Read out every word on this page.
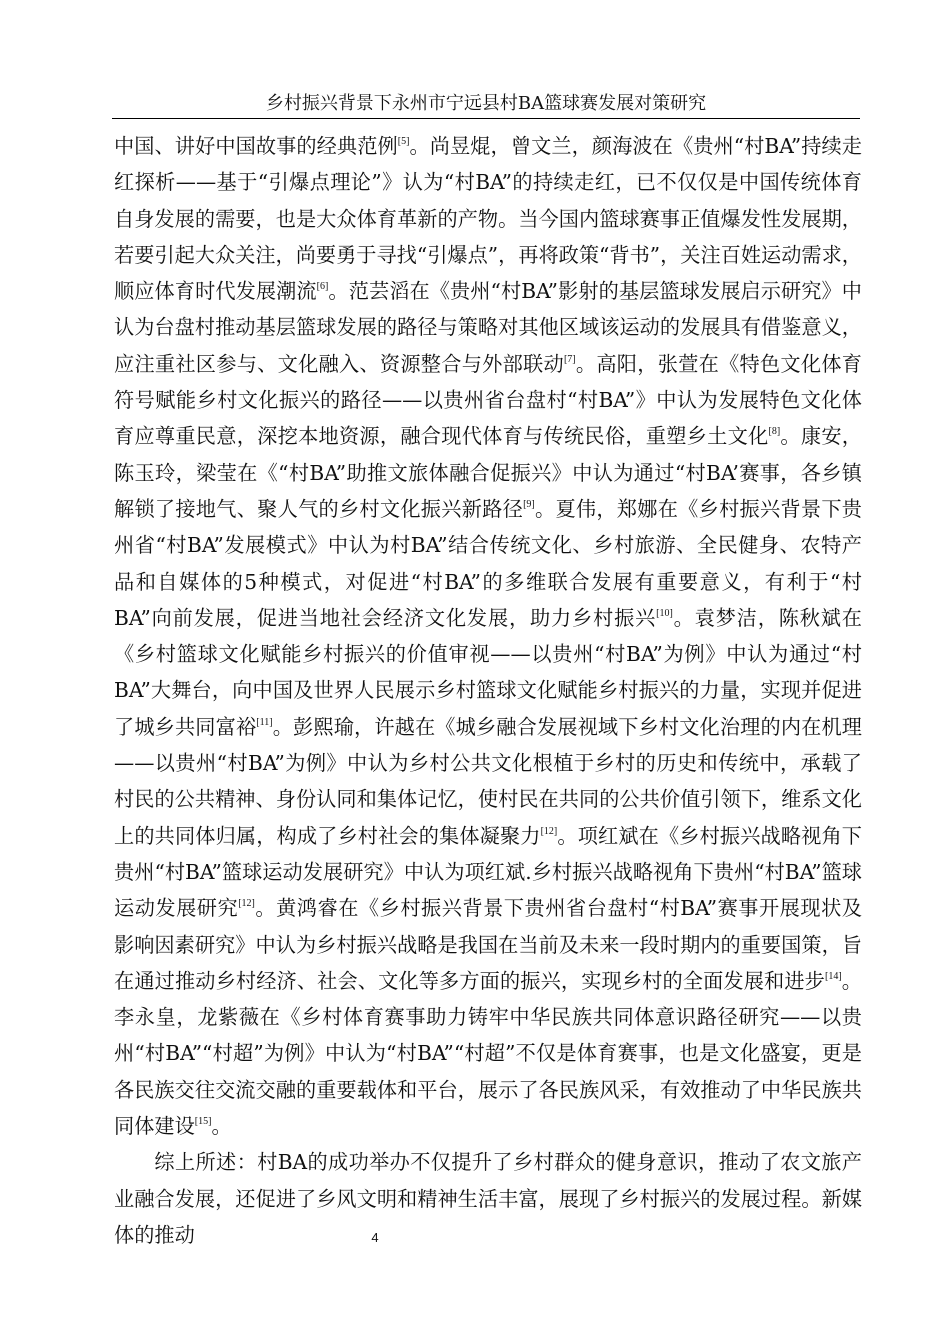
乡村振兴背景下永州市宁远县村BA篮球赛发展对策研究

中国、讲好中国故事的经典范例[5]。尚昱焜，曾文兰，颜海波在《贵州“村BA”持续走红探析——基于“引爆点理论”》认为“村BA”的持续走红，已不仅仅是中国传统体育自身发展的需要，也是大众体育革新的产物。当今国内篮球赛事正值爆发性发展期，若要引起大众关注，尚要勇于寻找“引爆点”，再将政策“背书”，关注百姓运动需求，顺应体育时代发展潮流[6]。范芸滔在《贵州“村BA”影射的基层篮球发展启示研究》中认为台盘村推动基层篮球发展的路径与策略对其他区域该运动的发展具有借鉴意义，应注重社区参与、文化融入、资源整合与外部联动[7]。高阳，张萱在《特色文化体育符号赋能乡村文化振兴的路径——以贵州省台盘村“村BA”》中认为发展特色文化体育应尊重民意，深挖本地资源，融合现代体育与传统民俗，重塑乡土文化[8]。康安，陈玉玲，梁莹在《“村BA”助推文旅体融合促振兴》中认为通过“村BA’赛事，各乡镇解锁了接地气、聚人气的乡村文化振兴新路径[9]。夏伟，郑娜在《乡村振兴背景下贵州省“村BA”发展模式》中认为村BA”结合传统文化、乡村旅游、全民健身、农特产品和自媒体的5种模式，对促进“村BA”的多维联合发展有重要意义，有利于“村BA”向前发展，促进当地社会经济文化发展，助力乡村振兴[10]。袁梦洁，陈秋斌在《乡村篮球文化赋能乡村振兴的价值审视——以贵州“村BA”为例》中认为通过“村BA”大舞台，向中国及世界人民展示乡村篮球文化赋能乡村振兴的力量，实现并促进了城乡共同富裕[11]。彭熙瑜，许越在《城乡融合发展视域下乡村文化治理的内在机理——以贵州“村BA”为例》中认为乡村公共文化根植于乡村的历史和传统中，承载了村民的公共精神、身份认同和集体记忆，使村民在共同的公共价值引领下，维系文化上的共同体归属，构成了乡村社会的集体凝聚力[12]。项红斌在《乡村振兴战略视角下贵州“村BA”篮球运动发展研究》中认为项红斌.乡村振兴战略视角下贵州“村BA”篮球运动发展研究[12]。黄鸿睿在《乡村振兴背景下贵州省台盘村“村BA”赛事开展现状及影响因素研究》中认为乡村振兴战略是我国在当前及未来一段时期内的重要国策，旨在通过推动乡村经济、社会、文化等多方面的振兴，实现乡村的全面发展和进步[14]。李永皇，龙紫薇在《乡村体育赛事助力铸牢中华民族共同体意识路径研究——以贵州“村BA”“村超”为例》中认为“村BA”“村超”不仅是体育赛事，也是文化盛宴，更是各民族交往交流交融的重要载体和平台，展示了各民族风采，有效推动了中华民族共同体建设[15]。

综上所述：村BA的成功举办不仅提升了乡村群众的健身意识，推动了农文旅产业融合发展，还促进了乡风文明和精神生活丰富，展现了乡村振兴的发展过程。新媒体的推动	4
